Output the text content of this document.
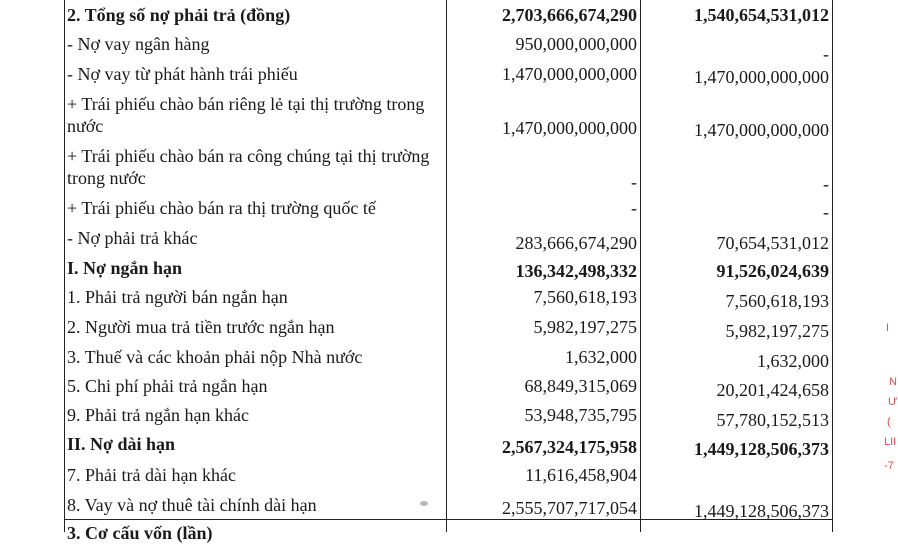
2. Tổng số nợ phải trả (đồng)	2,703,666,674,290	1,540,654,531,012
- Nợ vay ngân hàng	950,000,000,000	-
- Nợ vay từ phát hành trái phiếu	1,470,000,000,000	1,470,000,000,000
+ Trái phiếu chào bán riêng lẻ tại thị trường trong nước	1,470,000,000,000	1,470,000,000,000
+ Trái phiếu chào bán ra công chúng tại thị trường trong nước	-	-
+ Trái phiếu chào bán ra thị trường quốc tế	-	-
- Nợ phải trả khác	283,666,674,290	70,654,531,012
I. Nợ ngắn hạn	136,342,498,332	91,526,024,639
1. Phải trả người bán ngắn hạn	7,560,618,193	7,560,618,193
2. Người mua trả tiền trước ngắn hạn	5,982,197,275	5,982,197,275
3. Thuế và các khoản phải nộp Nhà nước	1,632,000	1,632,000
5. Chi phí phải trả ngắn hạn	68,849,315,069	20,201,424,658
9. Phải trả ngắn hạn khác	53,948,735,795	57,780,152,513
II. Nợ dài hạn	2,567,324,175,958	1,449,128,506,373
7. Phải trả dài hạn khác	11,616,458,904
8. Vay và nợ thuê tài chính dài hạn	2,555,707,717,054	1,449,128,506,373
3. Cơ cấu vốn (lần)
I
N
Ư
(
LII
-7
